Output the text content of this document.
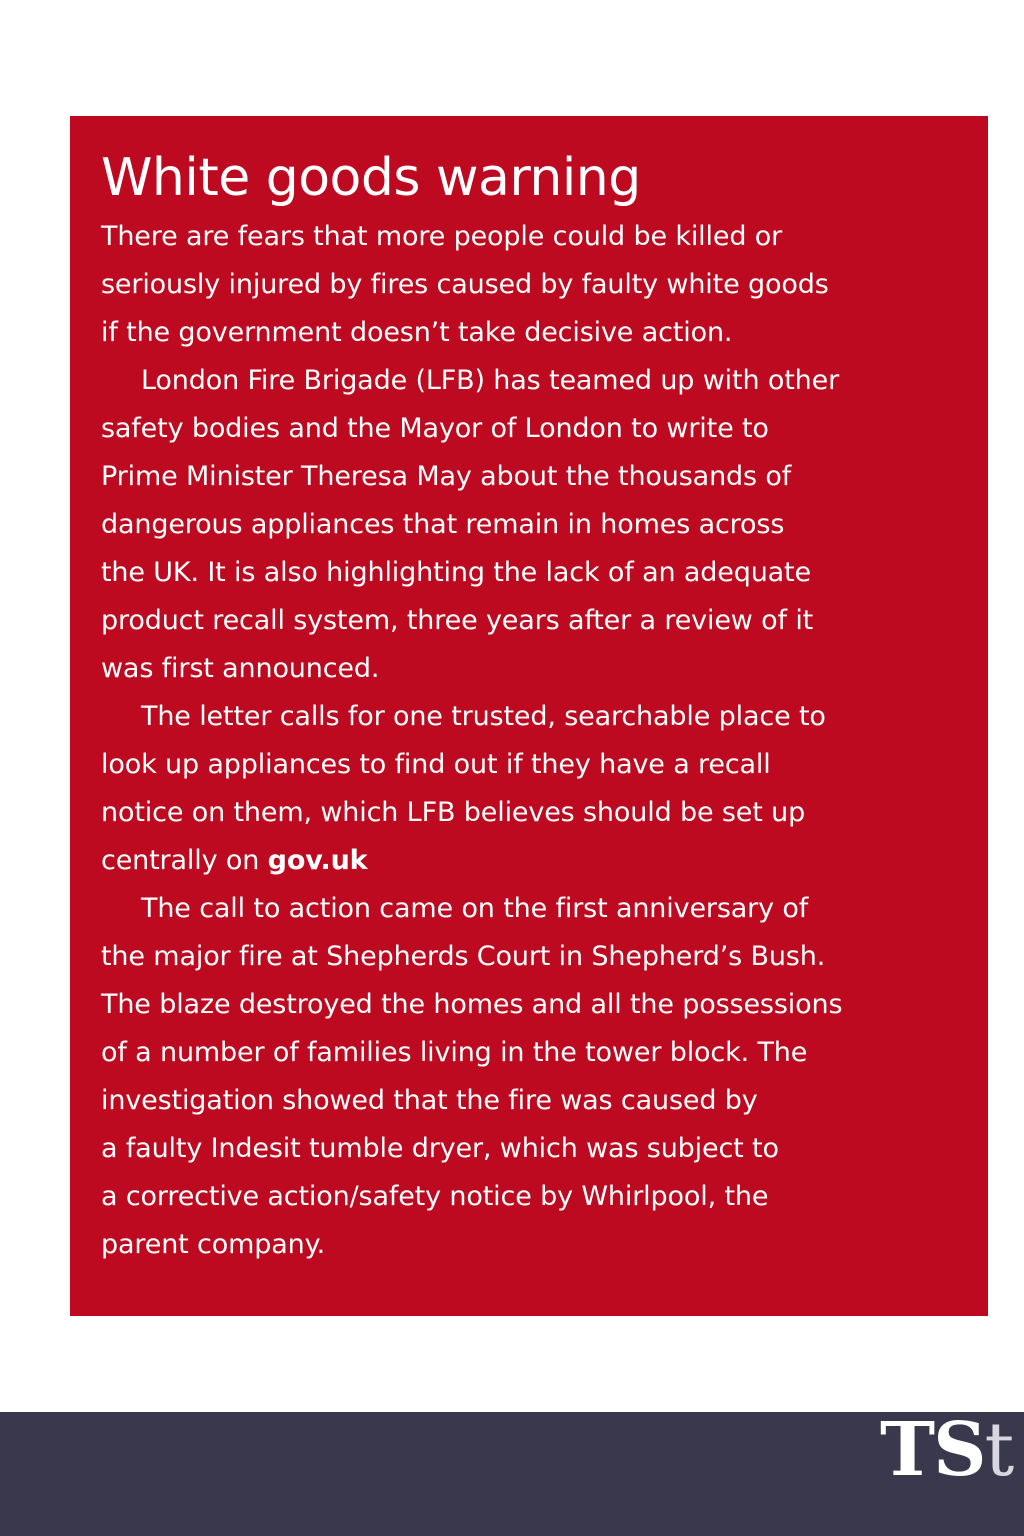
White goods warning
There are fears that more people could be killed or
seriously injured by fires caused by faulty white goods
if the government doesn’t take decisive action.
London Fire Brigade (LFB) has teamed up with other
safety bodies and the Mayor of London to write to
Prime Minister Theresa May about the thousands of
dangerous appliances that remain in homes across
the UK. It is also highlighting the lack of an adequate
product recall system, three years after a review of it
was first announced.
The letter calls for one trusted, searchable place to
look up appliances to find out if they have a recall
notice on them, which LFB believes should be set up
centrally on gov.uk
The call to action came on the first anniversary of
the major fire at Shepherds Court in Shepherd’s Bush.
The blaze destroyed the homes and all the possessions
of a number of families living in the tower block. The
investigation showed that the fire was caused by
a faulty Indesit tumble dryer, which was subject to
a corrective action/safety notice by Whirlpool, the
parent company.
TSt
